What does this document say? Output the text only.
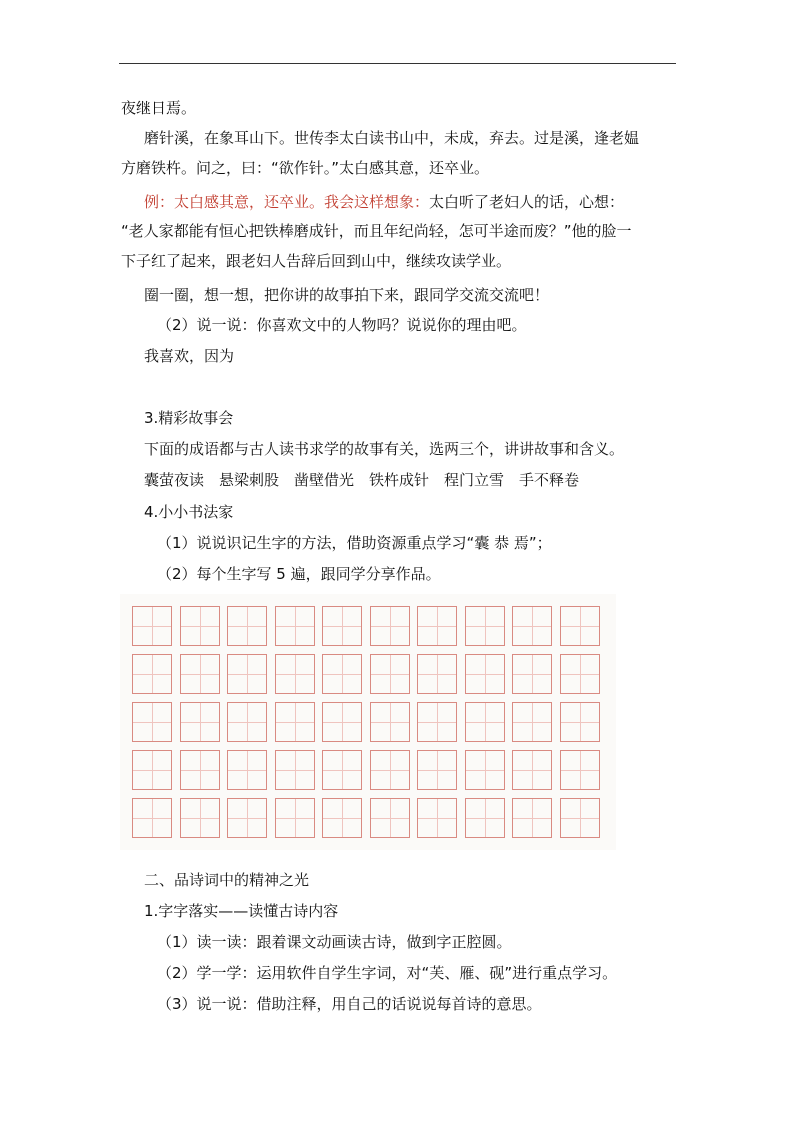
夜继日焉。
磨针溪，在象耳山下。世传李太白读书山中，未成，弃去。过是溪，逢老媪
方磨铁杵。问之，曰：“欲作针。”太白感其意，还卒业。
例：太白感其意，还卒业。我会这样想象：太白听了老妇人的话，心想：
“老人家都能有恒心把铁棒磨成针，而且年纪尚轻，怎可半途而废？”他的脸一
下子红了起来，跟老妇人告辞后回到山中，继续攻读学业。
圈一圈，想一想，把你讲的故事拍下来，跟同学交流交流吧！
（2）说一说：你喜欢文中的人物吗？说说你的理由吧。
我喜欢，因为
3.精彩故事会
下面的成语都与古人读书求学的故事有关，选两三个，讲讲故事和含义。
囊萤夜读　悬梁刺股　凿壁借光　铁杵成针　程门立雪　手不释卷
4.小小书法家
（1）说说识记生字的方法，借助资源重点学习“囊 恭 焉”；
（2）每个生字写 5 遍，跟同学分享作品。
二、品诗词中的精神之光
1.字字落实——读懂古诗内容
（1）读一读：跟着课文动画读古诗，做到字正腔圆。
（2）学一学：运用软件自学生字词，对“芙、雁、砚”进行重点学习。
（3）说一说：借助注释，用自己的话说说每首诗的意思。
